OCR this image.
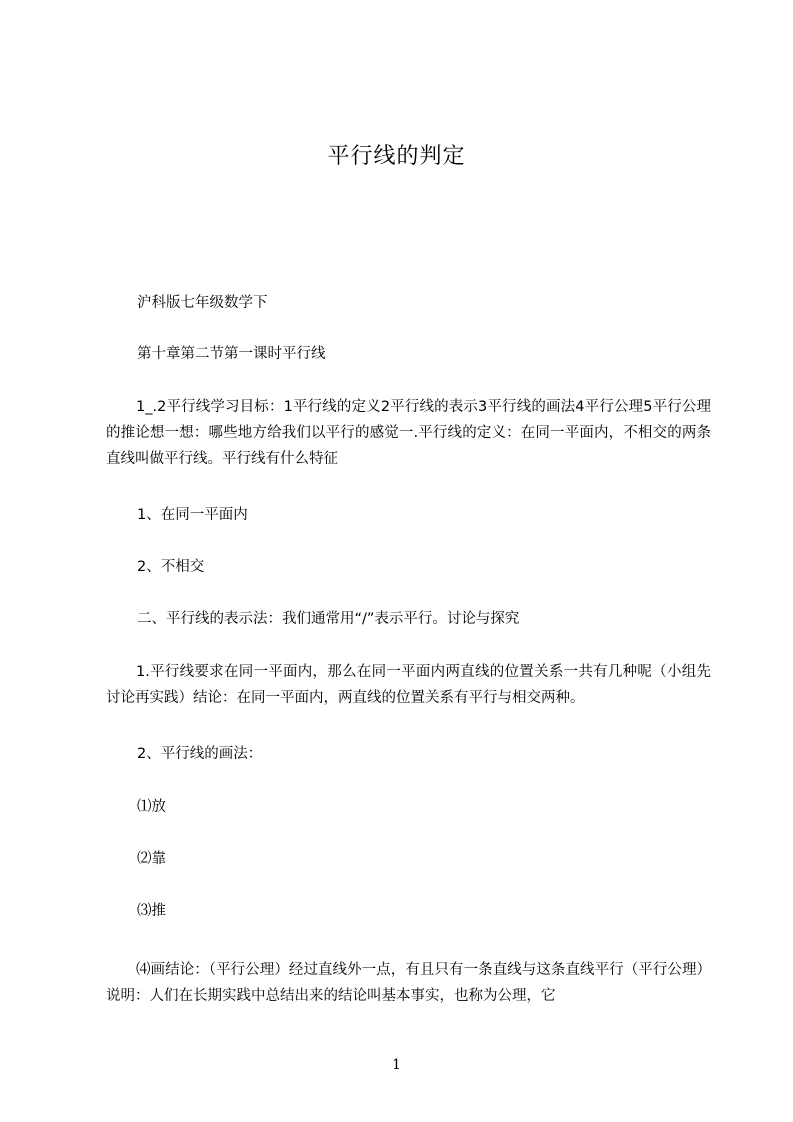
平行线的判定
沪科版七年级数学下
第十章第二节第一课时平行线
1_.2平行线学习目标：1平行线的定义2平行线的表示3平行线的画法4平行公理5平行公理的推论想一想：哪些地方给我们以平行的感觉一.平行线的定义：在同一平面内，不相交的两条直线叫做平行线。平行线有什么特征
1、在同一平面内
2、不相交
二、平行线的表示法：我们通常用“/”表示平行。讨论与探究
1.平行线要求在同一平面内，那么在同一平面内两直线的位置关系一共有几种呢（小组先讨论再实践）结论：在同一平面内，两直线的位置关系有平行与相交两种。
2、平行线的画法：
⑴放
⑵靠
⑶推
⑷画结论：（平行公理）经过直线外一点，有且只有一条直线与这条直线平行（平行公理）说明：人们在长期实践中总结出来的结论叫基本事实，也称为公理，它
1
